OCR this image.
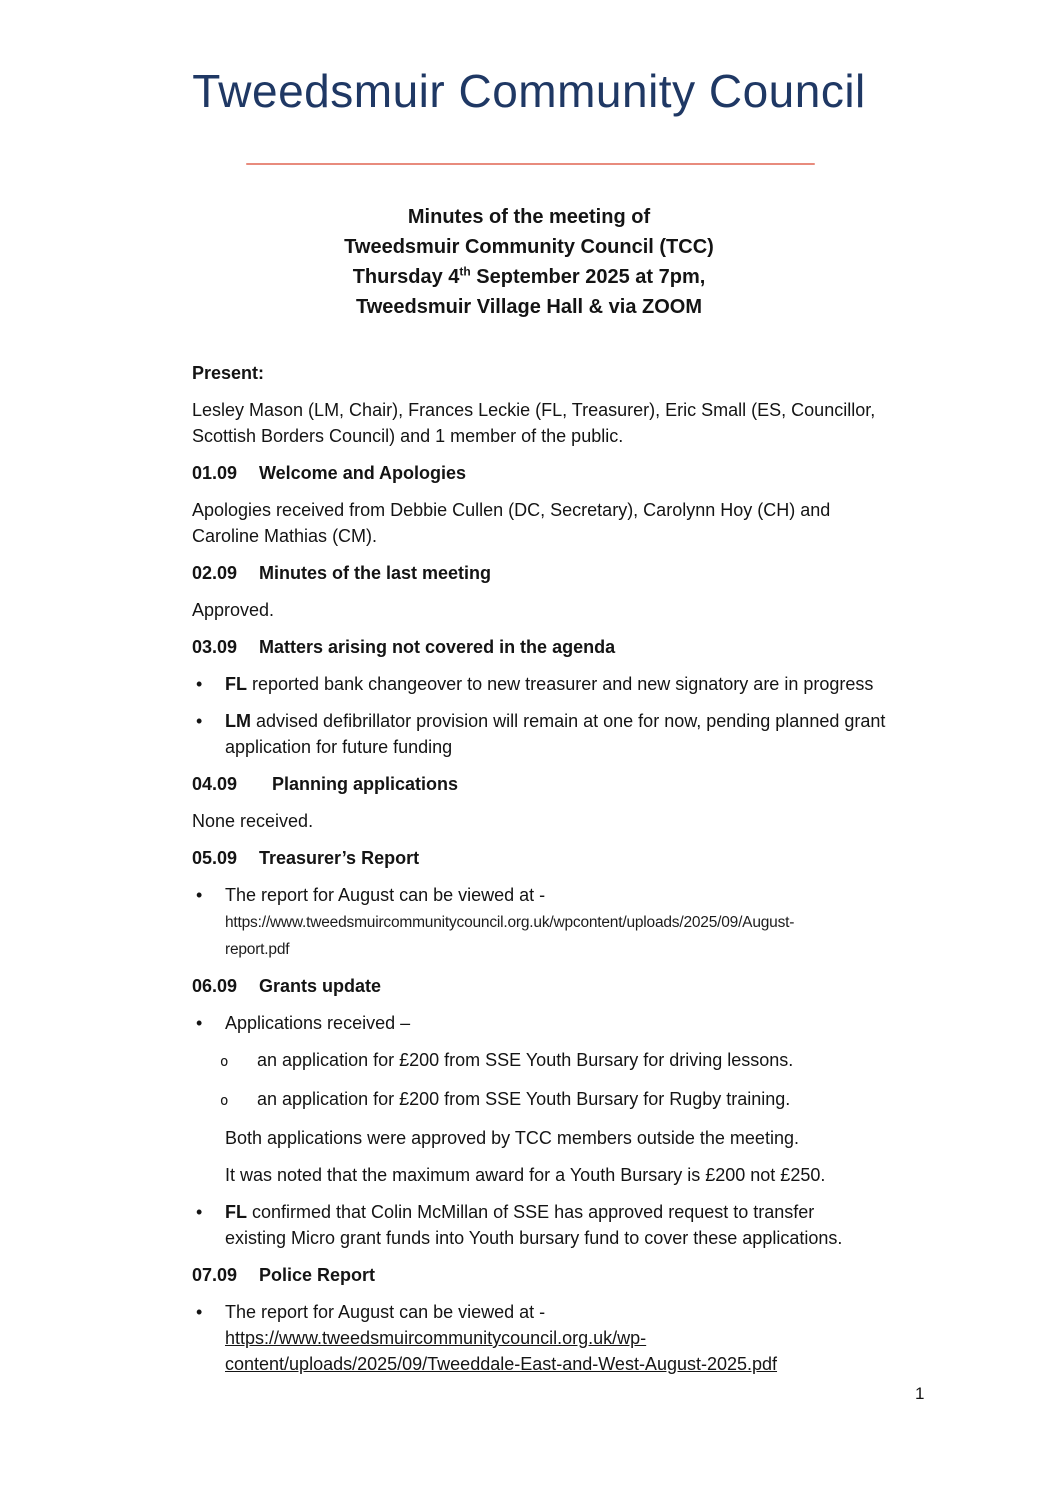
Tweedsmuir Community Council
Minutes of the meeting of
Tweedsmuir Community Council (TCC)
Thursday 4th September 2025 at 7pm,
Tweedsmuir Village Hall & via ZOOM
Present:

Lesley Mason (LM, Chair), Frances Leckie (FL, Treasurer), Eric Small (ES, Councillor, Scottish Borders Council) and 1 member of the public.

01.09	Welcome and Apologies

Apologies received from Debbie Cullen (DC, Secretary), Carolynn Hoy (CH) and Caroline Mathias (CM).

02.09	Minutes of the last meeting

Approved.

03.09	Matters arising not covered in the agenda
•
FL reported bank changeover to new treasurer and new signatory are in progress
•
LM advised defibrillator provision will remain at one for now, pending planned grant application for future funding
04.09	Planning applications

None received.

05.09	Treasurer’s Report
•
The report for August can be viewed at -
https://www.tweedsmuircommunitycouncil.org.uk/wpcontent/uploads/2025/09/August-
report.pdf
06.09	Grants update
•
Applications received –
o
an application for £200 from SSE Youth Bursary for driving lessons.
o
an application for £200 from SSE Youth Bursary for Rugby training.

Both applications were approved by TCC members outside the meeting.

It was noted that the maximum award for a Youth Bursary is £200 not £250.

•
FL confirmed that Colin McMillan of SSE has approved request to transfer existing Micro grant funds into Youth bursary fund to cover these applications.
07.09	Police Report
•
The report for August can be viewed at -
https://www.tweedsmuircommunitycouncil.org.uk/wp-
content/uploads/2025/09/Tweeddale-East-and-West-August-2025.pdf
1
